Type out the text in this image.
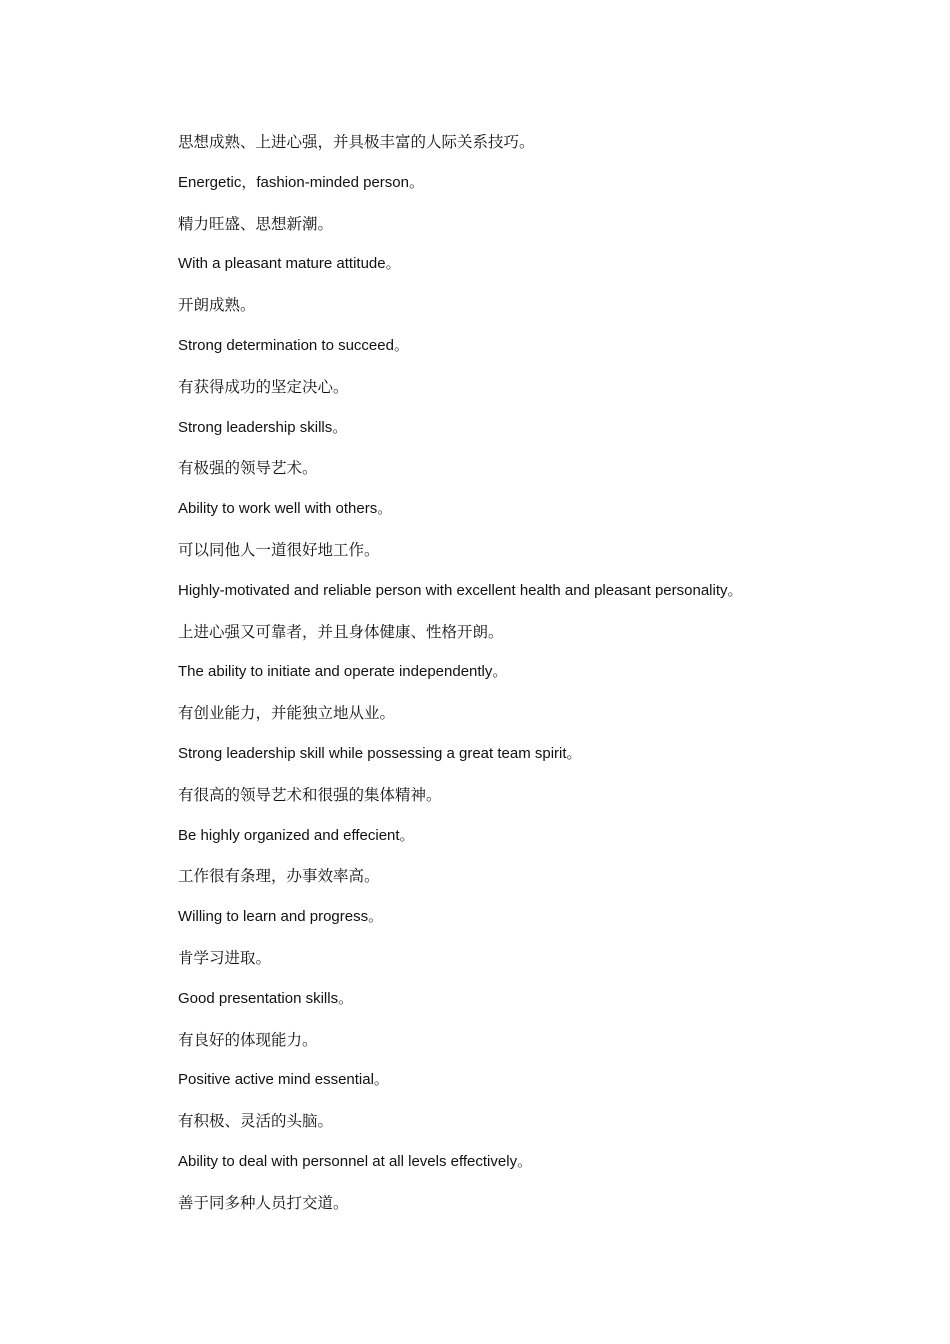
思想成熟、上进心强，并具极丰富的人际关系技巧。
Energetic，fashion-minded person。
精力旺盛、思想新潮。
With a pleasant mature attitude。
开朗成熟。
Strong determination to succeed。
有获得成功的坚定决心。
Strong leadership skills。
有极强的领导艺术。
Ability to work well with others。
可以同他人一道很好地工作。
Highly-motivated and reliable person with excellent health and pleasant personality。
上进心强又可靠者，并且身体健康、性格开朗。
The ability to initiate and operate independently。
有创业能力，并能独立地从业。
Strong leadership skill while possessing a great team spirit。
有很高的领导艺术和很强的集体精神。
Be highly organized and effecient。
工作很有条理，办事效率高。
Willing to learn and progress。
肯学习进取。
Good presentation skills。
有良好的体现能力。
Positive active mind essential。
有积极、灵活的头脑。
Ability to deal with personnel at all levels effectively。
善于同多种人员打交道。
